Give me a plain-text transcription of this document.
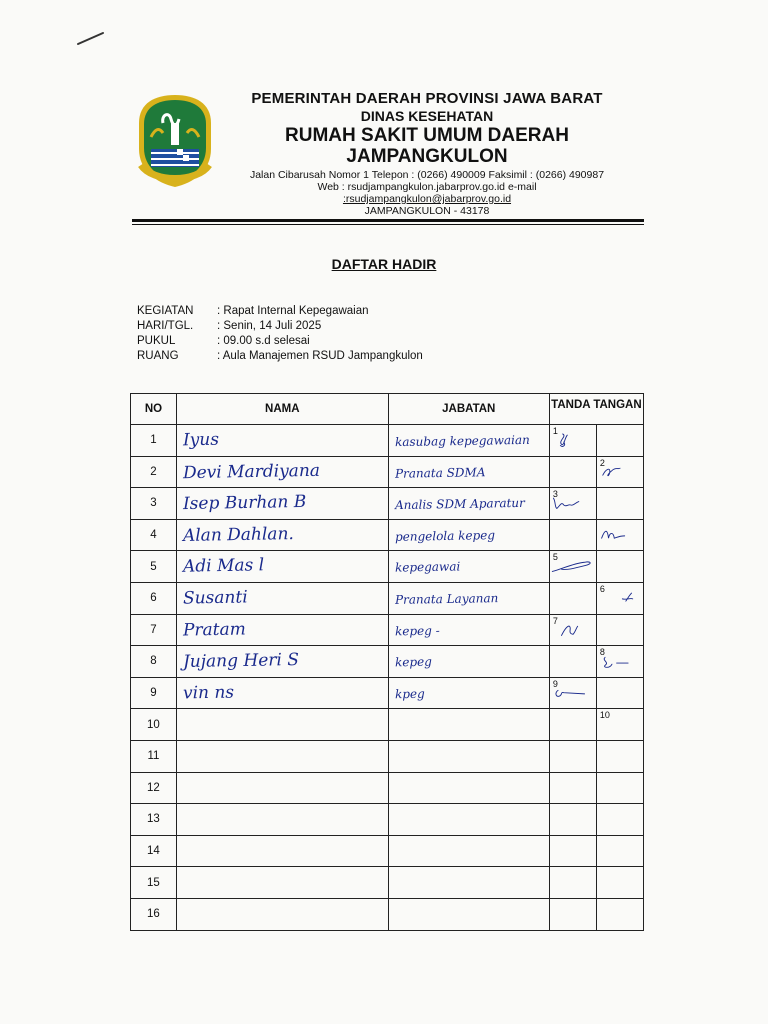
PEMERINTAH DAERAH PROVINSI JAWA BARAT
DINAS KESEHATAN
RUMAH SAKIT UMUM DAERAH
JAMPANGKULON
Jalan Cibarusah Nomor 1 Telepon : (0266) 490009 Faksimil : (0266) 490987
Web : rsudjampangkulon.jabarprov.go.id e-mail
:rsudjampangkulon@jabarprov.go.id
JAMPANGKULON - 43178
DAFTAR HADIR
KEGIATAN	: Rapat Internal Kepegawaian
HARI/TGL.	: Senin, 14 Juli 2025
PUKUL	: 09.00 s.d selesai
RUANG	: Aula Manajemen RSUD Jampangkulon
NO	NAMA	JABATAN	TANDA TANGAN	

1	Iyus	kasubag kepegawaian	1	

2	Devi Mardiyana	Pranata SDMA		2

3	Isep Burhan B	Analis SDM Aparatur	3	

4	Alan Dahlan.	pengelola kepeg

5	Adi Mas l	kepegawai	5	

6	Susanti	Pranata Layanan		6

7	Pratam	kepeg -	7	

8	Jujang Heri S	kepeg		8

9	vin ns	kpeg	9	

10				10

11	

12	

13	

14	

15	

16	
